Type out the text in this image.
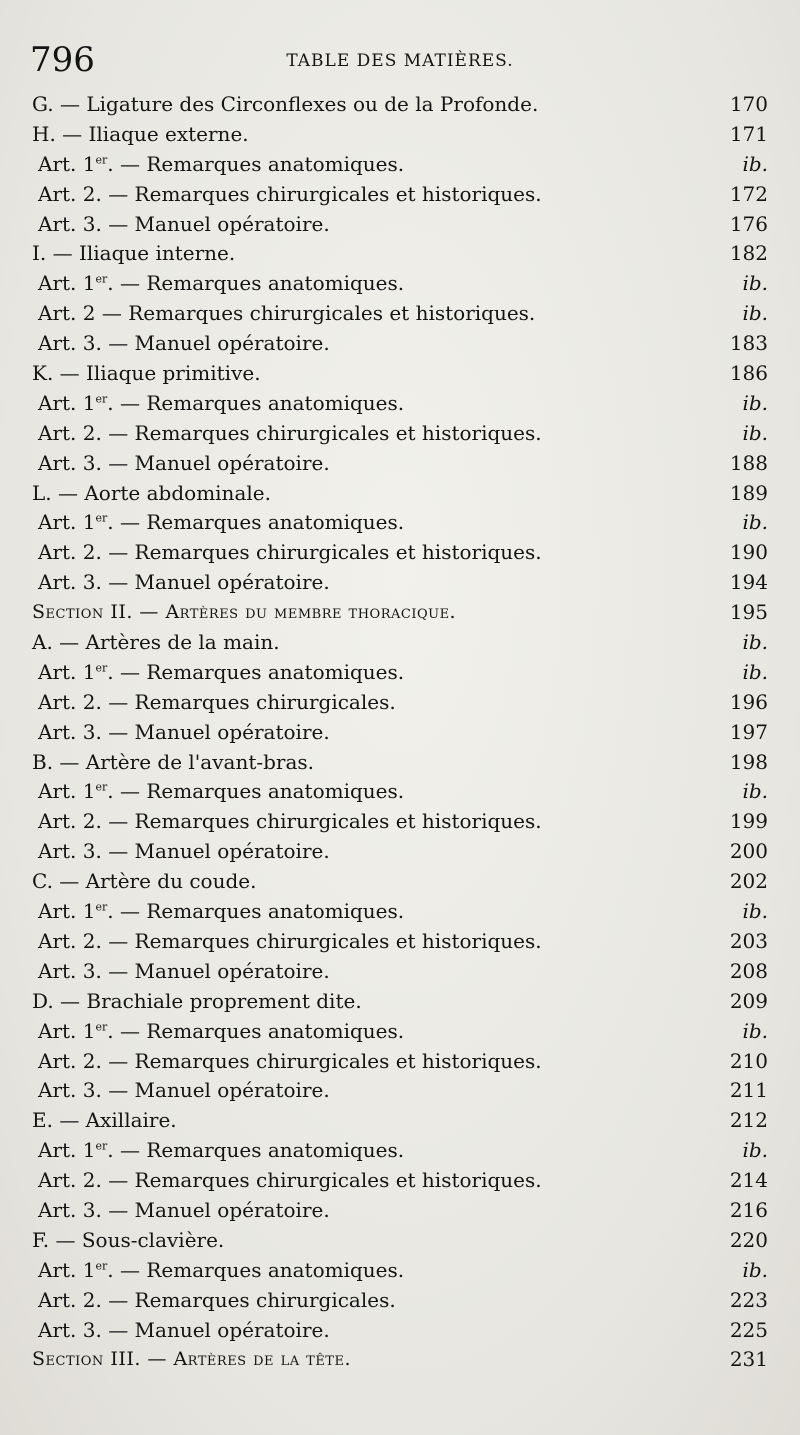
796	TABLE DES MATIÈRES.
G. — Ligature des Circonflexes ou de la Profonde.	170
H. — Iliaque externe.	171
Art. 1er. — Remarques anatomiques.	ib.
Art. 2. — Remarques chirurgicales et historiques.	172
Art. 3. — Manuel opératoire.	176
I. — Iliaque interne.	182
Art. 1er. — Remarques anatomiques.	ib.
Art. 2 — Remarques chirurgicales et historiques.	ib.
Art. 3. — Manuel opératoire.	183
K. — Iliaque primitive.	186
Art. 1er. — Remarques anatomiques.	ib.
Art. 2. — Remarques chirurgicales et historiques.	ib.
Art. 3. — Manuel opératoire.	188
L. — Aorte abdominale.	189
Art. 1er. — Remarques anatomiques.	ib.
Art. 2. — Remarques chirurgicales et historiques.	190
Art. 3. — Manuel opératoire.	194
Section II. — Artères du membre thoracique.	195
A. — Artères de la main.	ib.
Art. 1er. — Remarques anatomiques.	ib.
Art. 2. — Remarques chirurgicales.	196
Art. 3. — Manuel opératoire.	197
B. — Artère de l'avant-bras.	198
Art. 1er. — Remarques anatomiques.	ib.
Art. 2. — Remarques chirurgicales et historiques.	199
Art. 3. — Manuel opératoire.	200
C. — Artère du coude.	202
Art. 1er. — Remarques anatomiques.	ib.
Art. 2. — Remarques chirurgicales et historiques.	203
Art. 3. — Manuel opératoire.	208
D. — Brachiale proprement dite.	209
Art. 1er. — Remarques anatomiques.	ib.
Art. 2. — Remarques chirurgicales et historiques.	210
Art. 3. — Manuel opératoire.	211
E. — Axillaire.	212
Art. 1er. — Remarques anatomiques.	ib.
Art. 2. — Remarques chirurgicales et historiques.	214
Art. 3. — Manuel opératoire.	216
F. — Sous-clavière.	220
Art. 1er. — Remarques anatomiques.	ib.
Art. 2. — Remarques chirurgicales.	223
Art. 3. — Manuel opératoire.	225
Section III. — Artères de la tête.	231
